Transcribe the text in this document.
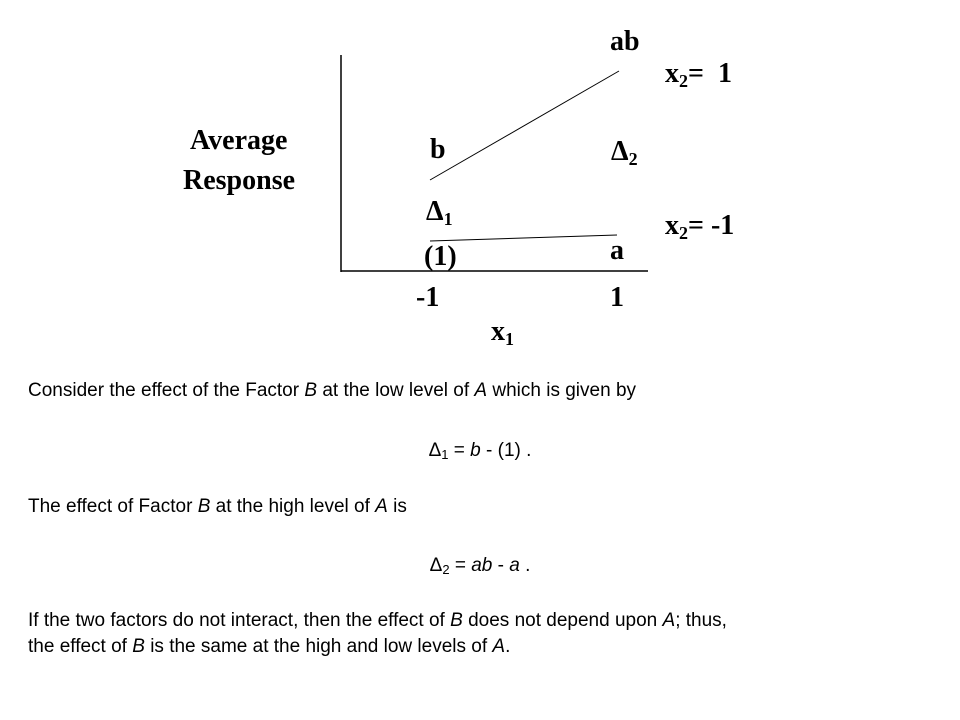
Average
Response
ab
b
(1)	a
$\Delta_1$
$\Delta_2$
$x_2= 1$
$x_2= -1$
-1	1
$x_1$
Consider the effect of the Factor B at the low level of A which is given by
$\Delta_1 = b - (1)$ .
The effect of Factor B at the high level of A is
$\Delta_2$ = ab - a .
If the two factors do not interact, then the effect of B does not depend upon A; thus,
the effect of B is the same at the high and low levels of A.
